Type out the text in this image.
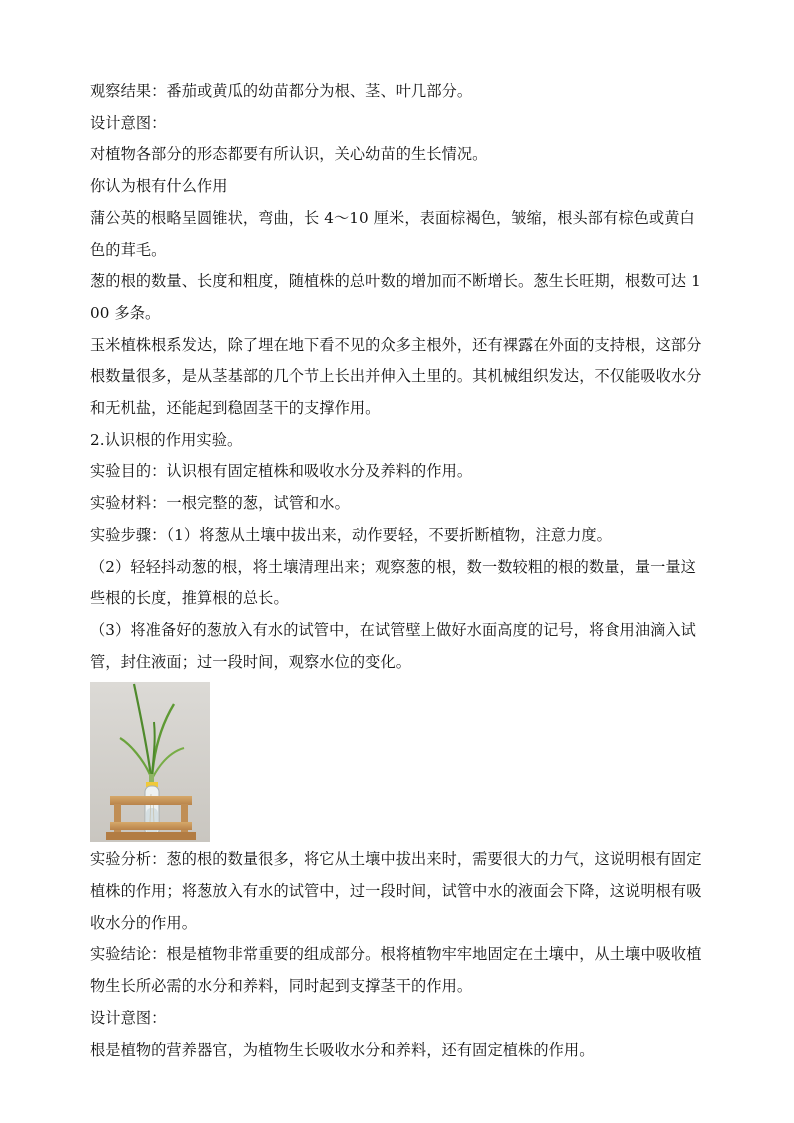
观察结果：番茄或黄瓜的幼苗都分为根、茎、叶几部分。

设计意图：

对植物各部分的形态都要有所认识，关心幼苗的生长情况。

你认为根有什么作用

蒲公英的根略呈圆锥状，弯曲，长 4～10 厘米，表面棕褐色，皱缩，根头部有棕色或黄白色的茸毛。

葱的根的数量、长度和粗度，随植株的总叶数的增加而不断增长。葱生长旺期，根数可达 100 多条。

玉米植株根系发达，除了埋在地下看不见的众多主根外，还有裸露在外面的支持根，这部分根数量很多，是从茎基部的几个节上长出并伸入土里的。其机械组织发达，不仅能吸收水分和无机盐，还能起到稳固茎干的支撑作用。

2.认识根的作用实验。

实验目的：认识根有固定植株和吸收水分及养料的作用。

实验材料：一根完整的葱，试管和水。

实验步骤：（1）将葱从土壤中拔出来，动作要轻，不要折断植物，注意力度。

（2）轻轻抖动葱的根，将土壤清理出来；观察葱的根，数一数较粗的根的数量，量一量这些根的长度，推算根的总长。

（3）将准备好的葱放入有水的试管中，在试管壁上做好水面高度的记号，将食用油滴入试管，封住液面；过一段时间，观察水位的变化。

实验分析：葱的根的数量很多，将它从土壤中拔出来时，需要很大的力气，这说明根有固定植株的作用；将葱放入有水的试管中，过一段时间，试管中水的液面会下降，这说明根有吸收水分的作用。

实验结论：根是植物非常重要的组成部分。根将植物牢牢地固定在土壤中，从土壤中吸收植物生长所必需的水分和养料，同时起到支撑茎干的作用。

设计意图：

根是植物的营养器官，为植物生长吸收水分和养料，还有固定植株的作用。
